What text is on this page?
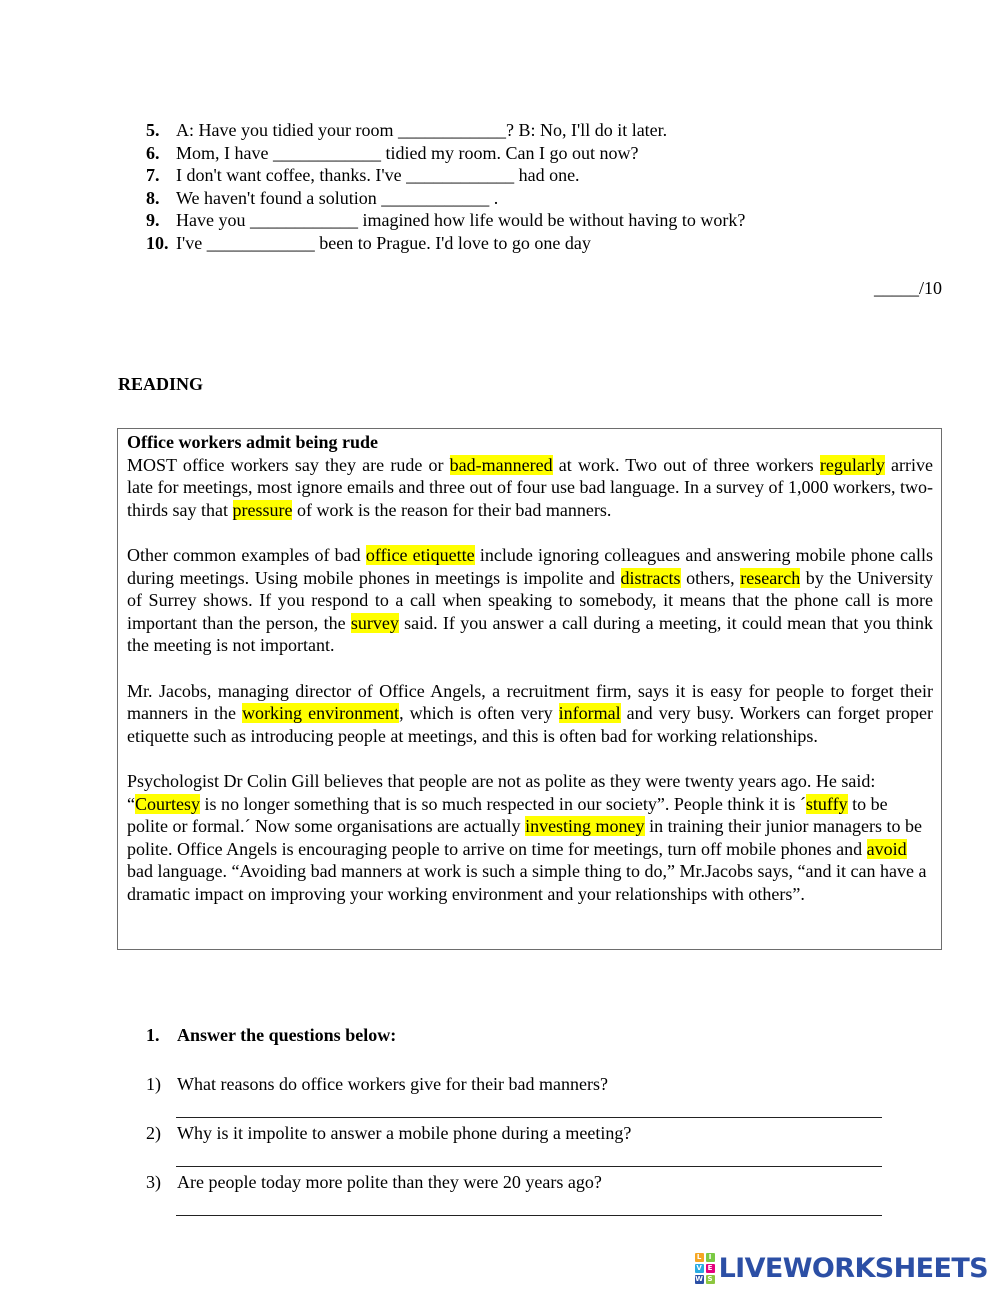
5. A: Have you tidied your room ____________? B: No, I'll do it later.
6. Mom, I have ____________ tidied my room. Can I go out now?
7. I don't want coffee, thanks. I've ____________ had one.
8. We haven't found a solution ____________ .
9. Have you ____________ imagined how life would be without having to work?
10. I've ____________ been to Prague. I'd love to go one day
_____/10
READING
Office workers admit being rude
MOST office workers say they are rude or bad-mannered at work. Two out of three workers regularly arrive late for meetings, most ignore emails and three out of four use bad language. In a survey of 1,000 workers, two-thirds say that pressure of work is the reason for their bad manners.
Other common examples of bad office etiquette include ignoring colleagues and answering mobile phone calls during meetings. Using mobile phones in meetings is impolite and distracts others, research by the University of Surrey shows. If you respond to a call when speaking to somebody, it means that the phone call is more important than the person, the survey said. If you answer a call during a meeting, it could mean that you think the meeting is not important.
Mr. Jacobs, managing director of Office Angels, a recruitment firm, says it is easy for people to forget their manners in the working environment, which is often very informal and very busy. Workers can forget proper etiquette such as introducing people at meetings, and this is often bad for working relationships.
Psychologist Dr Colin Gill believes that people are not as polite as they were twenty years ago. He said: “Courtesy is no longer something that is so much respected in our society”. People think it is ´stuffy to be polite or formal.´ Now some organisations are actually investing money in training their junior managers to be polite. Office Angels is encouraging people to arrive on time for meetings, turn off mobile phones and avoid bad language. “Avoiding bad manners at work is such a simple thing to do,” Mr.Jacobs says, “and it can have a dramatic impact on improving your working environment and your relationships with others”.
1. Answer the questions below:
1) What reasons do office workers give for their bad manners?
2) Why is it impolite to answer a mobile phone during a meeting?
3) Are people today more polite than they were 20 years ago?
L	I
V E
W S LIVEWORKSHEETS
